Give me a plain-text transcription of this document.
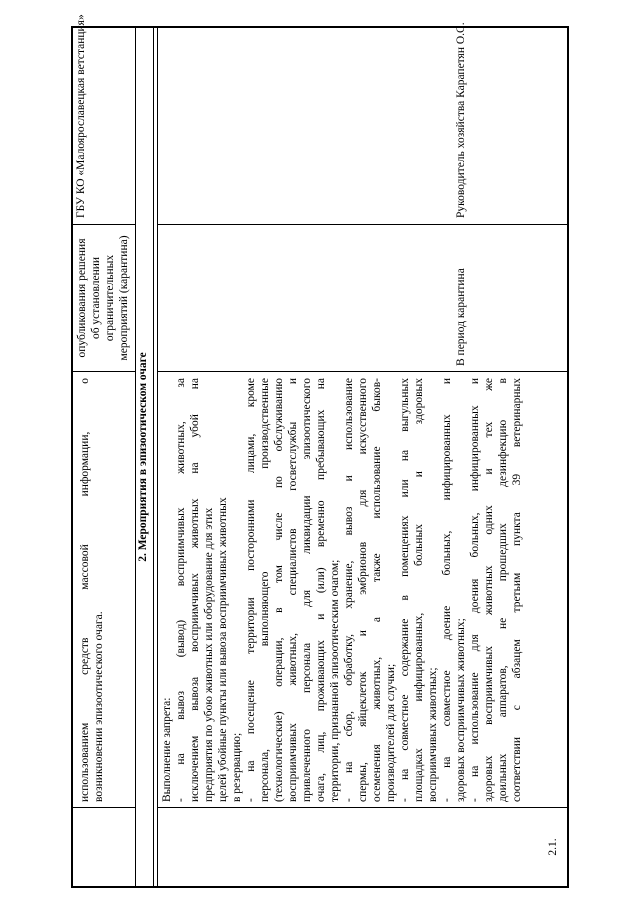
использованием средств массовой информации, о возникновении эпизоотического очага.
опубликования решения об установлении ограничительных мероприятий (карантина)
ГБУ КО «Малоярославецкая ветстанция»
2. Мероприятия в эпизоотическом очаге
2.1.
Выполнение запрета: - на вывоз (вывод) восприимчивых животных, за исключением вывоза восприимчивых животных на убой на предприятия по убою животных или оборудование для этих целей убойные пункты или вывоза восприимчивых животных в резервацию; - на посещение территории посторонними лицами, кроме персонала, выполняющего производственные (технологические) операции, в том числе по обслуживанию восприимчивых животных, специалистов госветслужбы и привлеченного персонала для ликвидации эпизоотического очага, лиц, проживающих и (или) временно пребывающих на территории, признанной эпизоотическим очагом; - на сбор, обработку, хранение, вывоз и использование спермы, яйцеклеток и эмбрионов для искусственного осеменения животных, а также использование быков- производителей для случки; - на совместное содержание в помещениях или на выгульных площадках инфицированных, больных и здоровых восприимчивых животных; - на совместное доение больных, инфицированных и здоровых восприимчивых животных; - на использование для доения больных, инфицированных и здоровых восприимчивых животных одних и тех же доильных аппаратов, не прошедших дезинфекцию в соответствии с абзацем третьим пункта 39 ветеринарных
В период карантина
Руководитель хозяйства Карапетян О.С.
